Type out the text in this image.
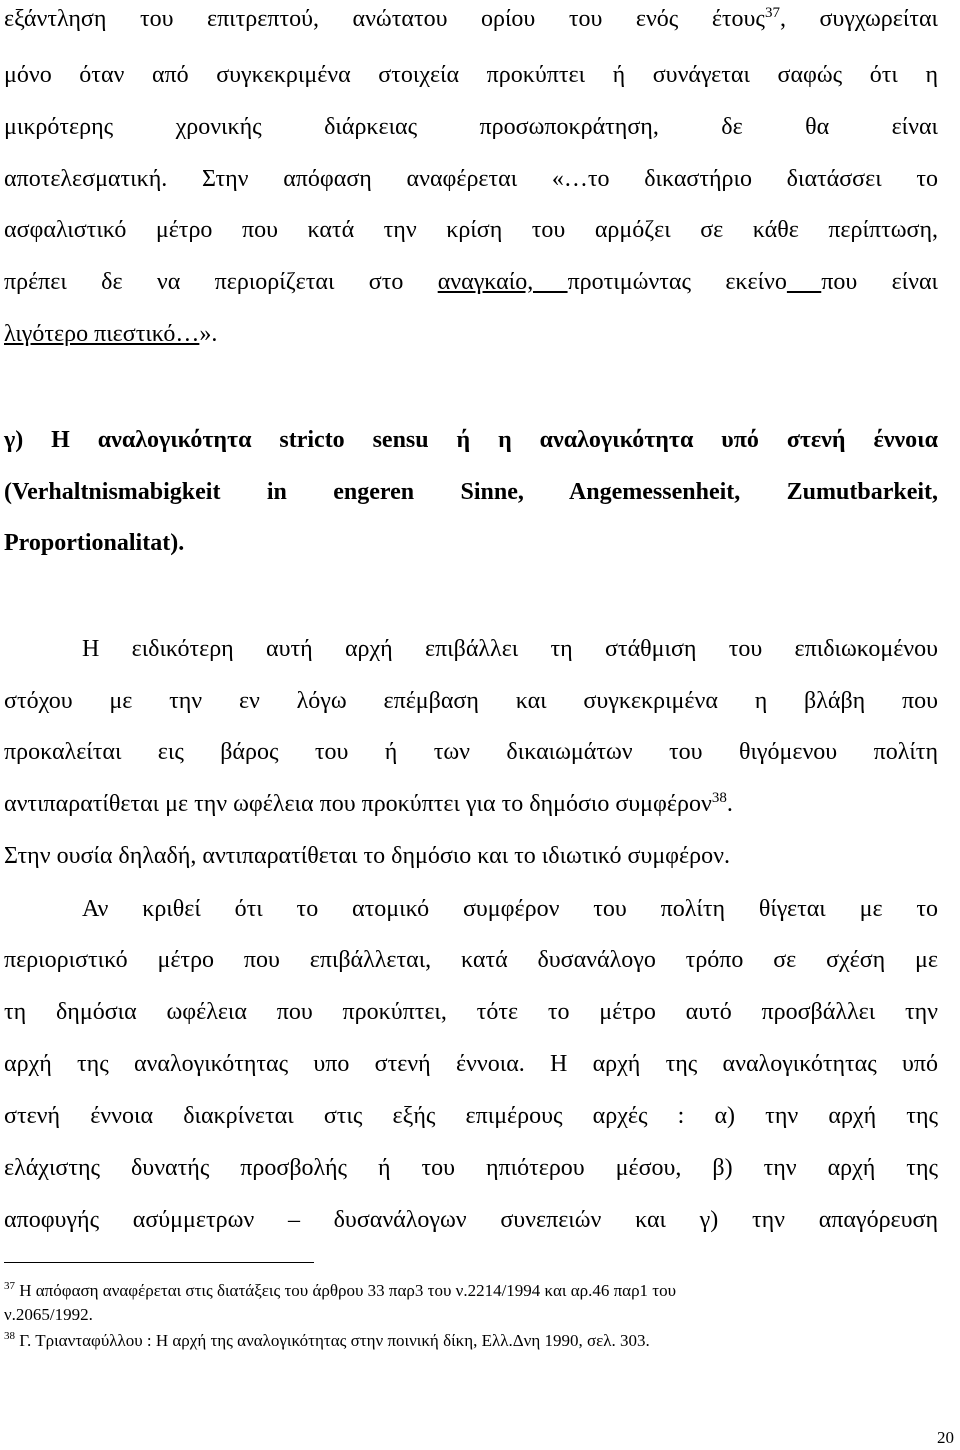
εξάντληση του επιτρεπτού, ανώτατου ορίου του ενός έτους$^{37}$, συγχωρείται
μόνο όταν από συγκεκριμένα στοιχεία προκύπτει ή συνάγεται σαφώς ότι η
μικρότερης χρονικής διάρκειας προσωποκράτηση, δε θα είναι
αποτελεσματική. Στην απόφαση αναφέρεται «…το δικαστήριο διατάσσει το
ασφαλιστικό μέτρο που κατά την κρίση του αρμόζει σε κάθε περίπτωση,
πρέπει δε να περιορίζεται στο αναγκαίο, προτιμώντας εκείνο που είναι
λιγότερο πιεστικό…».
γ) Η αναλογικότητα stricto sensu ή η αναλογικότητα υπό στενή έννοια
(Verhaltnismabigkeit in engeren Sinne, Angemessenheit, Zumutbarkeit,
Proportionalitat).
Η ειδικότερη αυτή αρχή επιβάλλει τη στάθμιση του επιδιωκομένου
στόχου με την εν λόγω επέμβαση και συγκεκριμένα η βλάβη που
προκαλείται εις βάρος του ή των δικαιωμάτων του θιγόμενου πολίτη
αντιπαρατίθεται με την ωφέλεια που προκύπτει για το δημόσιο συμφέρον$^{38}$.
Στην ουσία δηλαδή, αντιπαρατίθεται το δημόσιο και το ιδιωτικό συμφέρον.
Αν κριθεί ότι το ατομικό συμφέρον του πολίτη θίγεται με το
περιοριστικό μέτρο που επιβάλλεται, κατά δυσανάλογο τρόπο σε σχέση με
τη δημόσια ωφέλεια που προκύπτει, τότε το μέτρο αυτό προσβάλλει την
αρχή της αναλογικότητας υπο στενή έννοια. Η αρχή της αναλογικότητας υπό
στενή έννοια διακρίνεται στις εξής επιμέρους αρχές : α) την αρχή της
ελάχιστης δυνατής προσβολής ή του ηπιότερου μέσου, β) την αρχή της
αποφυγής ασύμμετρων – δυσανάλογων συνεπειών και γ) την απαγόρευση
$^{37}$ Η απόφαση αναφέρεται στις διατάξεις του άρθρου 33 παρ3 του ν.2214/1994 και αρ.46 παρ1 του
ν.2065/1992.
$^{38}$ Γ. Τριανταφύλλου : Η αρχή της αναλογικότητας στην ποινική δίκη, Ελλ.Δνη 1990, σελ. 303.
20
